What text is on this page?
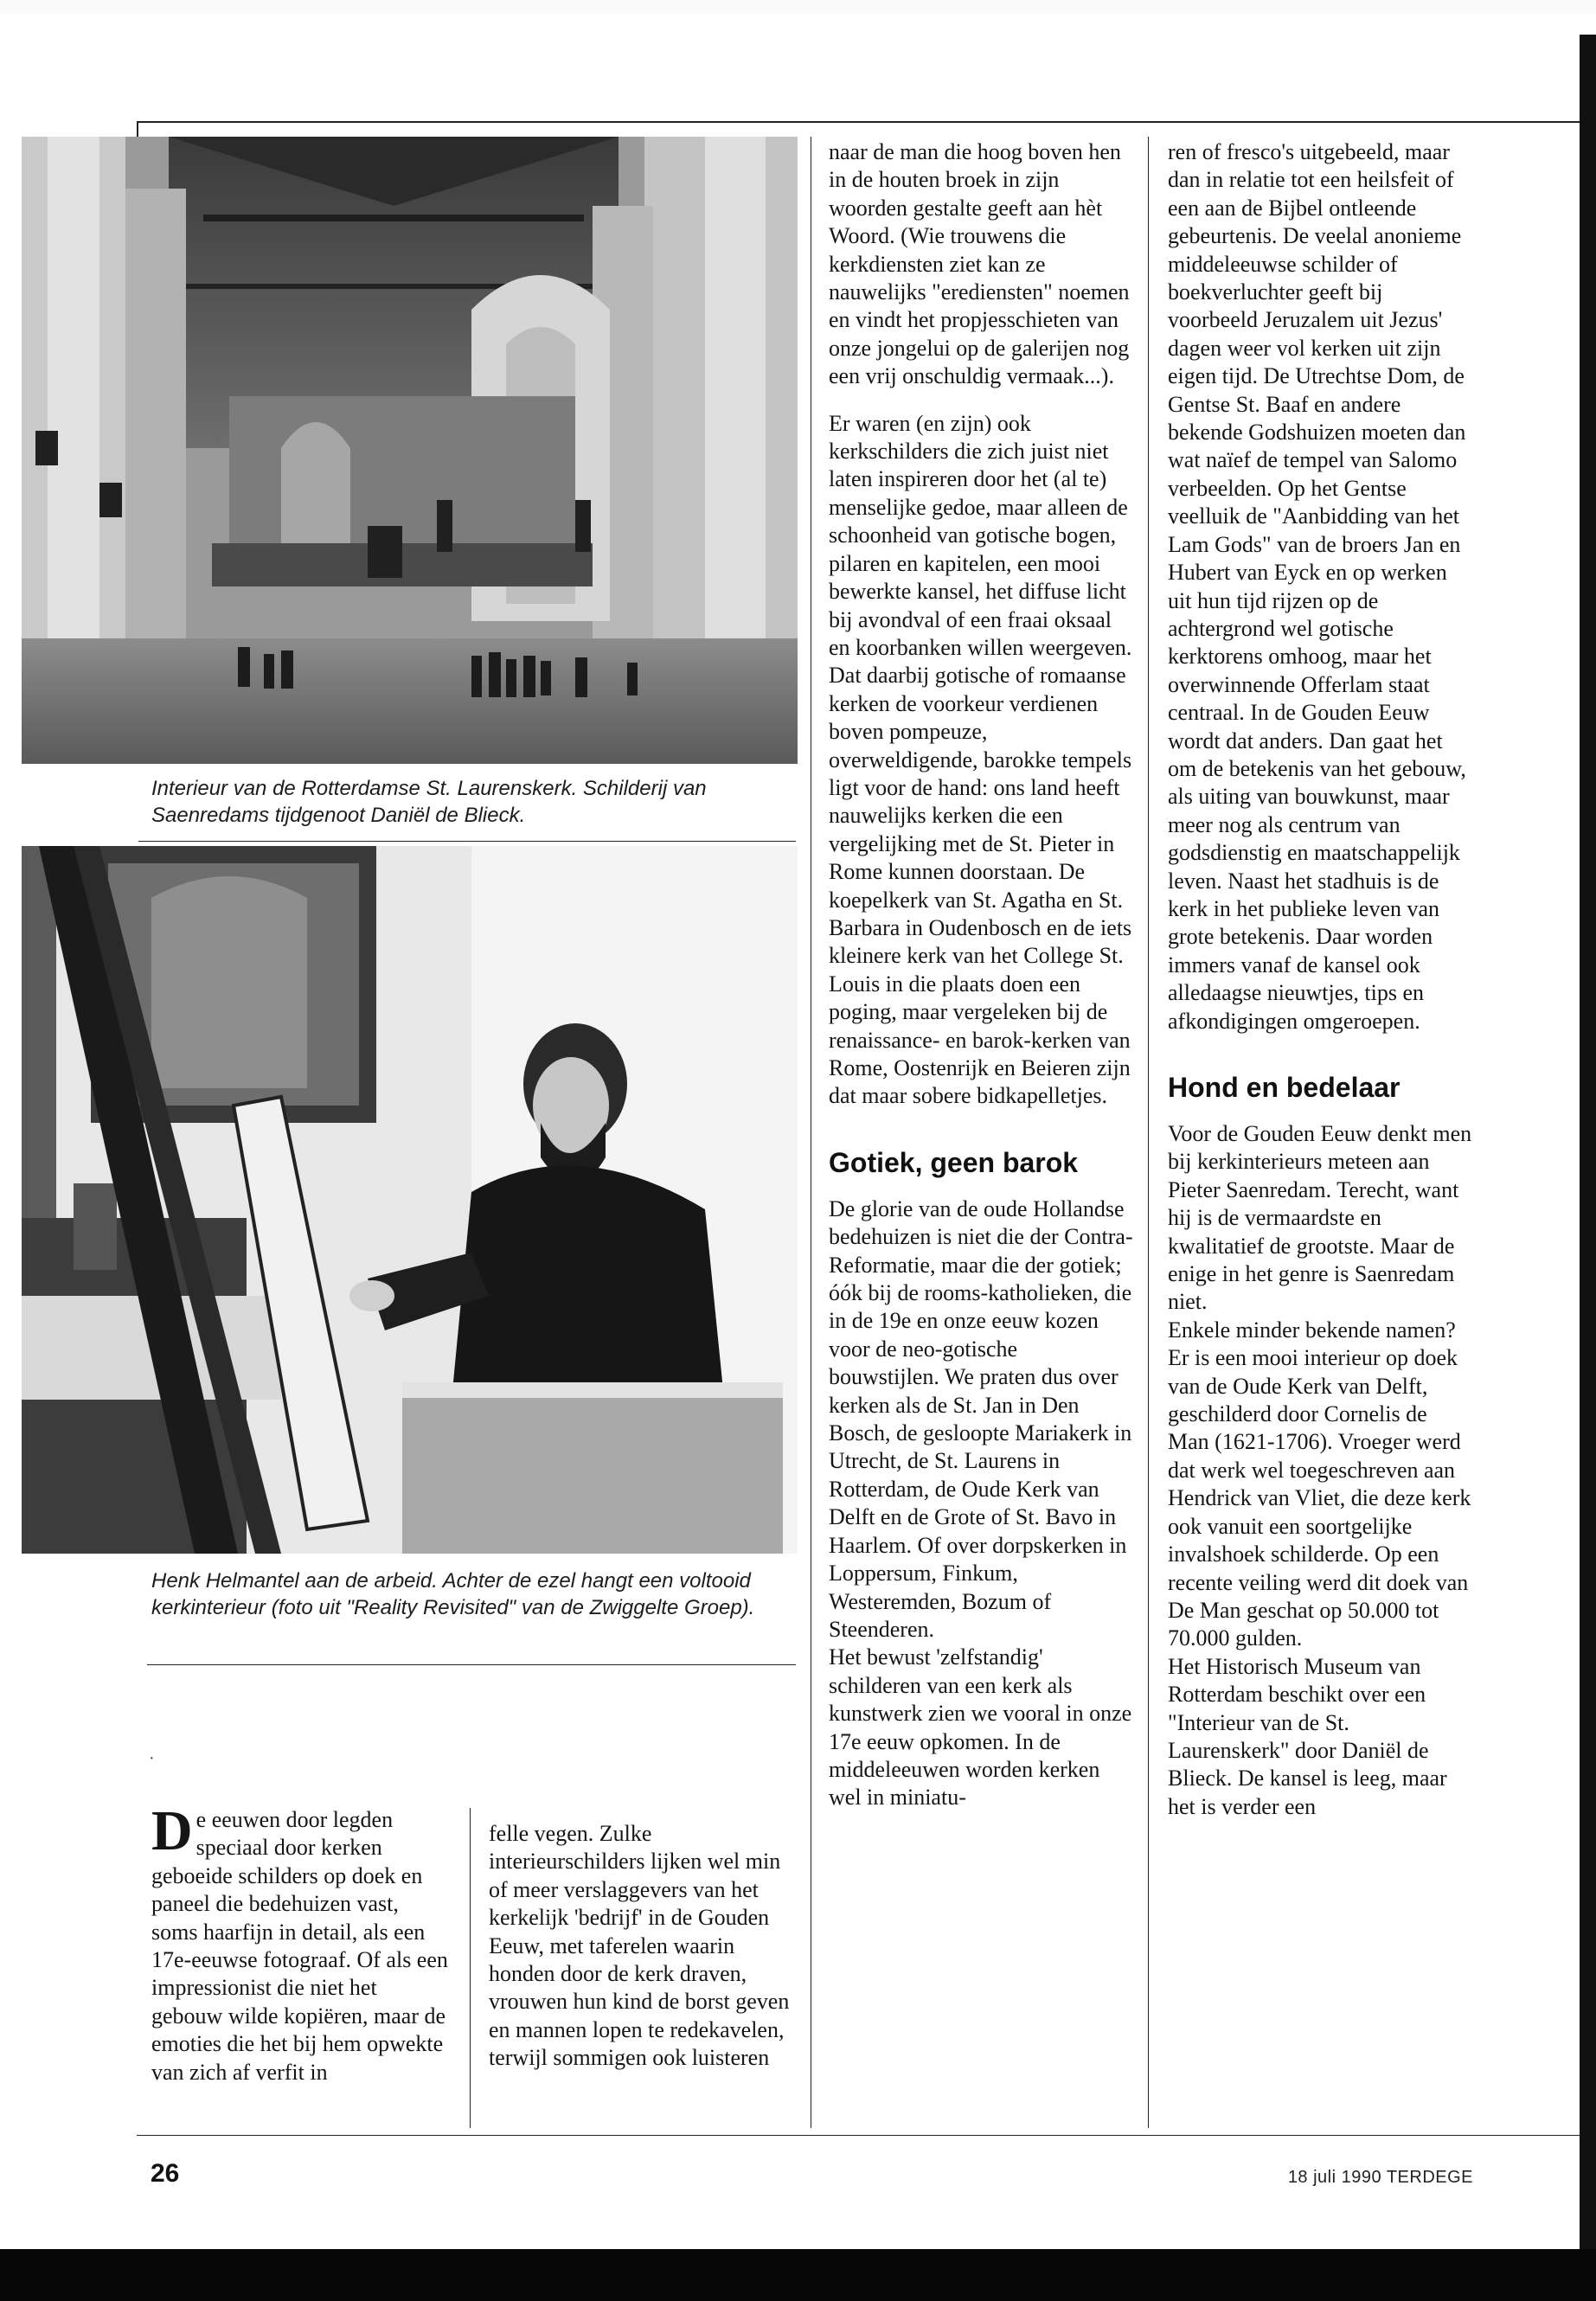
Interieur van de Rotterdamse St. Laurenskerk. Schilderij van Saenredams tijdgenoot Daniël de Blieck.

Henk Helmantel aan de arbeid. Achter de ezel hangt een voltooid kerkinterieur (foto uit "Reality Revisited" van de Zwiggelte Groep).

·
De eeuwen door legden speciaal door kerken geboeide schilders op doek en paneel die bedehuizen vast, soms haarfijn in detail, als een 17e-eeuwse fotograaf. Of als een impressionist die niet het gebouw wilde kopiëren, maar de emoties die het bij hem opwekte van zich af verfit in

felle vegen. Zulke interieurschilders lijken wel min of meer verslaggevers van het kerkelijk 'bedrijf' in de Gouden Eeuw, met taferelen waarin honden door de kerk draven, vrouwen hun kind de borst geven en mannen lopen te redekavelen, terwijl sommigen ook luisteren

naar de man die hoog boven hen in de houten broek in zijn woorden gestalte geeft aan hèt Woord. (Wie trouwens die kerkdiensten ziet kan ze nauwelijks "erediensten" noemen en vindt het propjesschieten van onze jongelui op de galerijen nog een vrij onschuldig vermaak...).

Er waren (en zijn) ook kerkschilders die zich juist niet laten inspireren door het (al te) menselijke gedoe, maar alleen de schoonheid van gotische bogen, pilaren en kapitelen, een mooi bewerkte kansel, het diffuse licht bij avondval of een fraai oksaal en koorbanken willen weergeven.

Dat daarbij gotische of romaanse kerken de voorkeur verdienen boven pompeuze, overweldigende, barokke tempels ligt voor de hand: ons land heeft nauwelijks kerken die een vergelijking met de St. Pieter in Rome kunnen doorstaan. De koepelkerk van St. Agatha en St. Barbara in Oudenbosch en de iets kleinere kerk van het College St. Louis in die plaats doen een poging, maar vergeleken bij de renaissance- en barok-kerken van Rome, Oostenrijk en Beieren zijn dat maar sobere bidkapelletjes.

Gotiek, geen barok

De glorie van de oude Hollandse bedehuizen is niet die der Contra-Reformatie, maar die der gotiek; óók bij de rooms-katholieken, die in de 19e en onze eeuw kozen voor de neo-gotische bouwstijlen. We praten dus over kerken als de St. Jan in Den Bosch, de gesloopte Mariakerk in Utrecht, de St. Laurens in Rotterdam, de Oude Kerk van Delft en de Grote of St. Bavo in Haarlem. Of over dorpskerken in Loppersum, Finkum, Westeremden, Bozum of Steenderen.

Het bewust 'zelfstandig' schilderen van een kerk als kunstwerk zien we vooral in onze 17e eeuw opkomen. In de middeleeuwen worden kerken wel in miniatu-

ren of fresco's uitgebeeld, maar dan in relatie tot een heilsfeit of een aan de Bijbel ontleende gebeurtenis. De veelal anonieme middeleeuwse schilder of boekverluchter geeft bij voorbeeld Jeruzalem uit Jezus' dagen weer vol kerken uit zijn eigen tijd. De Utrechtse Dom, de Gentse St. Baaf en andere bekende Godshuizen moeten dan wat naïef de tempel van Salomo verbeelden. Op het Gentse veelluik de "Aanbidding van het Lam Gods" van de broers Jan en Hubert van Eyck en op werken uit hun tijd rijzen op de achtergrond wel gotische kerktorens omhoog, maar het overwinnende Offerlam staat centraal. In de Gouden Eeuw wordt dat anders. Dan gaat het om de betekenis van het gebouw, als uiting van bouwkunst, maar meer nog als centrum van godsdienstig en maatschappelijk leven. Naast het stadhuis is de kerk in het publieke leven van grote betekenis. Daar worden immers vanaf de kansel ook alledaagse nieuwtjes, tips en afkondigingen omgeroepen.

Hond en bedelaar

Voor de Gouden Eeuw denkt men bij kerkinterieurs meteen aan Pieter Saenredam. Terecht, want hij is de vermaardste en kwalitatief de grootste. Maar de enige in het genre is Saenredam niet.

Enkele minder bekende namen? Er is een mooi interieur op doek van de Oude Kerk van Delft, geschilderd door Cornelis de Man (1621-1706). Vroeger werd dat werk wel toegeschreven aan Hendrick van Vliet, die deze kerk ook vanuit een soortgelijke invalshoek schilderde. Op een recente veiling werd dit doek van De Man geschat op 50.000 tot 70.000 gulden.

Het Historisch Museum van Rotterdam beschikt over een "Interieur van de St. Laurenskerk" door Daniël de Blieck. De kansel is leeg, maar het is verder een

26	18 juli 1990 TERDEGE
